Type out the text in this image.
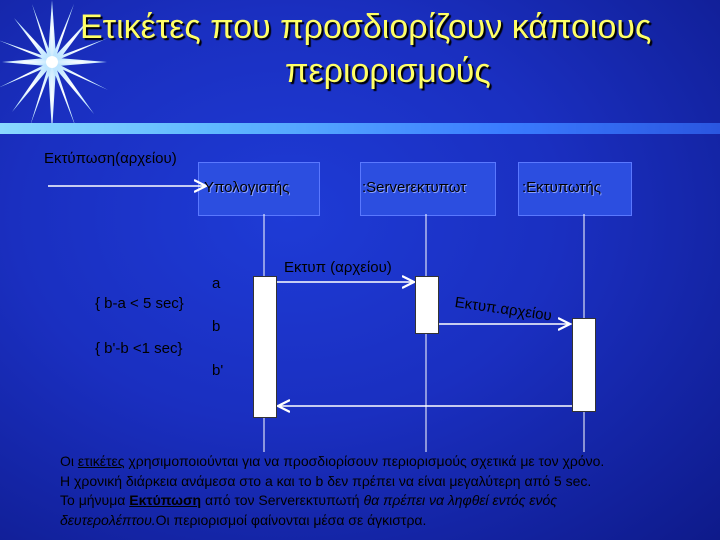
Ετικέτες που προσδιορίζουν κάποιους
περιορισμούς
Εκτύπωση(αρχείου)
Υπολογιστής	:Serverεκτυπωτ	:Εκτυπωτής
Εκτυπ (αρχείου)
Εκτυπ.αρχείου
a
{ b-a < 5 sec}
b
{ b'-b <1 sec}
b'

Οι ετικέτες χρησιμοποιούνται για να προσδιορίσουν περιορισμούς σχετικά με τον χρόνο.

Η χρονική διάρκεια ανάμεσα στο a και το b δεν πρέπει να είναι μεγαλύτερη από 5 sec.

Το μήνυμα Εκτύπωση από τον Serverεκτυπωτή θα πρέπει να ληφθεί εντός ενός

δευτερολέπτου.Οι περιορισμοί φαίνονται μέσα σε άγκιστρα.
